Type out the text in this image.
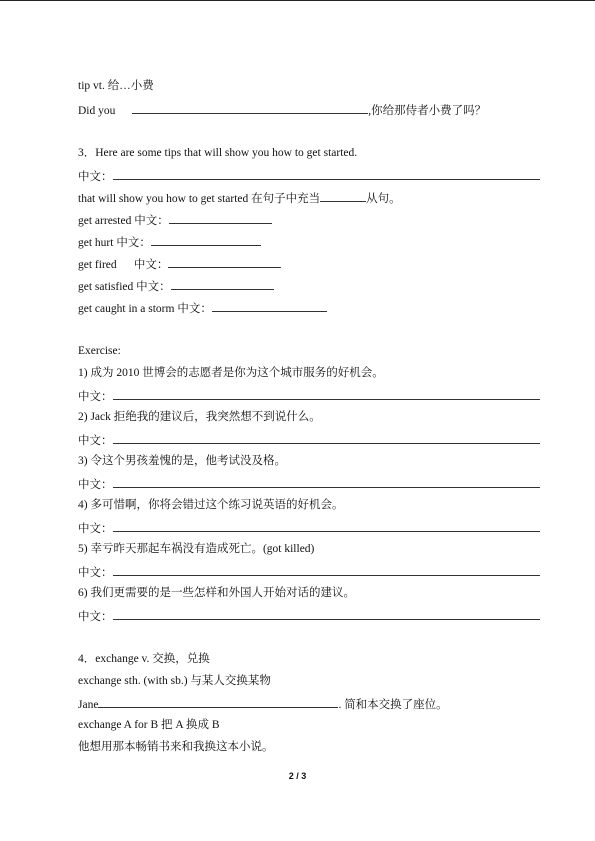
tip vt. 给…小费
Did you	,你给那侍者小费了吗？
3．Here are some tips that will show you how to get started.
中文：
that will show you how to get started 在句子中充当	从句。
get arrested 中文：
get hurt 中文：
get fired      中文：
get satisfied 中文：
get caught in a storm 中文：
Exercise:
1) 成为 2010 世博会的志愿者是你为这个城市服务的好机会。
中文：
2) Jack 拒绝我的建议后，我突然想不到说什么。
中文：
3) 令这个男孩羞愧的是，他考试没及格。
中文：
4) 多可惜啊，你将会错过这个练习说英语的好机会。
中文：
5) 幸亏昨天那起车祸没有造成死亡。(got killed)
中文：
6) 我们更需要的是一些怎样和外国人开始对话的建议。
中文：
4．exchange v. 交换，兑换
exchange sth. (with sb.) 与某人交换某物
Jane	. 简和本交换了座位。
exchange A for B 把 A 换成 B
他想用那本畅销书来和我换这本小说。
2 / 3
